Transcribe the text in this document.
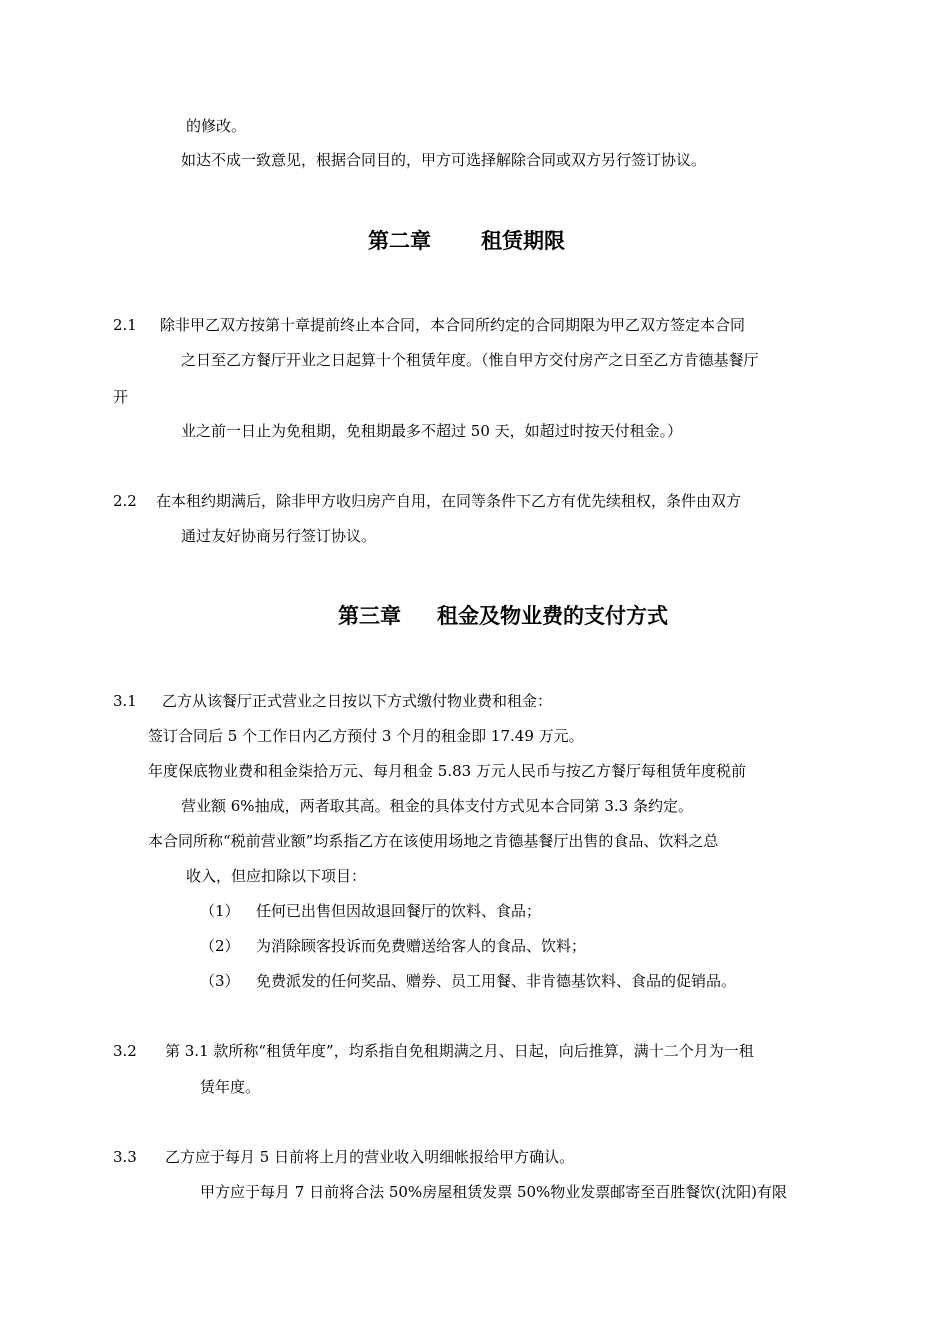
的修改。
如达不成一致意见，根据合同目的，甲方可选择解除合同或双方另行签订协议。
第二章 租赁期限
2.1 除非甲乙双方按第十章提前终止本合同，本合同所约定的合同期限为甲乙双方签定本合同
之日至乙方餐厅开业之日起算十个租赁年度。（惟自甲方交付房产之日至乙方肯德基餐厅
开
业之前一日止为免租期，免租期最多不超过 50 天，如超过时按天付租金。）
2.2 在本租约期满后，除非甲方收归房产自用，在同等条件下乙方有优先续租权，条件由双方
通过友好协商另行签订协议。
第三章 租金及物业费的支付方式
3.1 乙方从该餐厅正式营业之日按以下方式缴付物业费和租金：
签订合同后 5 个工作日内乙方预付 3 个月的租金即 17.49 万元。
年度保底物业费和租金柒拾万元、每月租金 5.83 万元人民币与按乙方餐厅每租赁年度税前
营业额 6%抽成，两者取其高。租金的具体支付方式见本合同第 3.3 条约定。
本合同所称“税前营业额”均系指乙方在该使用场地之肯德基餐厅出售的食品、饮料之总
收入，但应扣除以下项目：
（1） 任何已出售但因故退回餐厅的饮料、食品；
（2） 为消除顾客投诉而免费赠送给客人的食品、饮料；
（3） 免费派发的任何奖品、赠券、员工用餐、非肯德基饮料、食品的促销品。
3.2 第 3.1 款所称“租赁年度”，均系指自免租期满之月、日起，向后推算，满十二个月为一租
赁年度。
3.3 乙方应于每月 5 日前将上月的营业收入明细帐报给甲方确认。
甲方应于每月 7 日前将合法 50%房屋租赁发票 50%物业发票邮寄至百胜餐饮(沈阳)有限
